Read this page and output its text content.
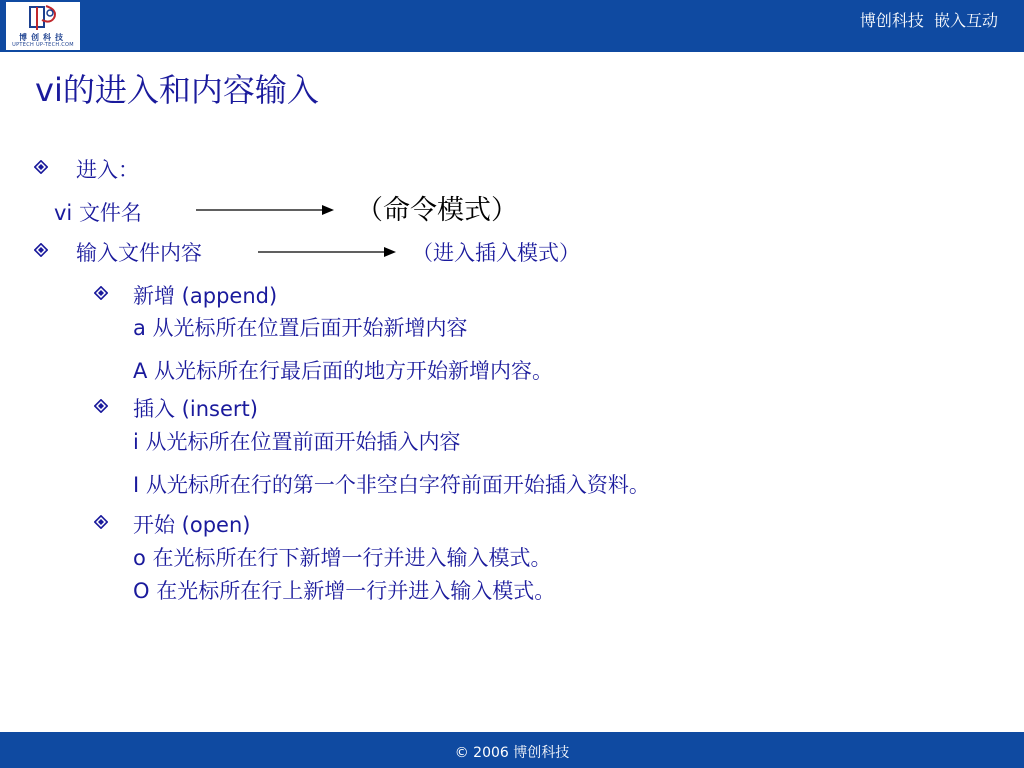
博创科技
UPTECH UP-TECH.COM
博创科技  嵌入互动
vi的进入和内容输入
进入：
vi 文件名	（命令模式）
输入文件内容	（进入插入模式）
新增 (append)
a 从光标所在位置后面开始新增内容
A 从光标所在行最后面的地方开始新增内容。
插入 (insert)
i 从光标所在位置前面开始插入内容
I 从光标所在行的第一个非空白字符前面开始插入资料。
开始 (open)
o 在光标所在行下新增一行并进入输入模式。
O 在光标所在行上新增一行并进入输入模式。
© 2006 博创科技
